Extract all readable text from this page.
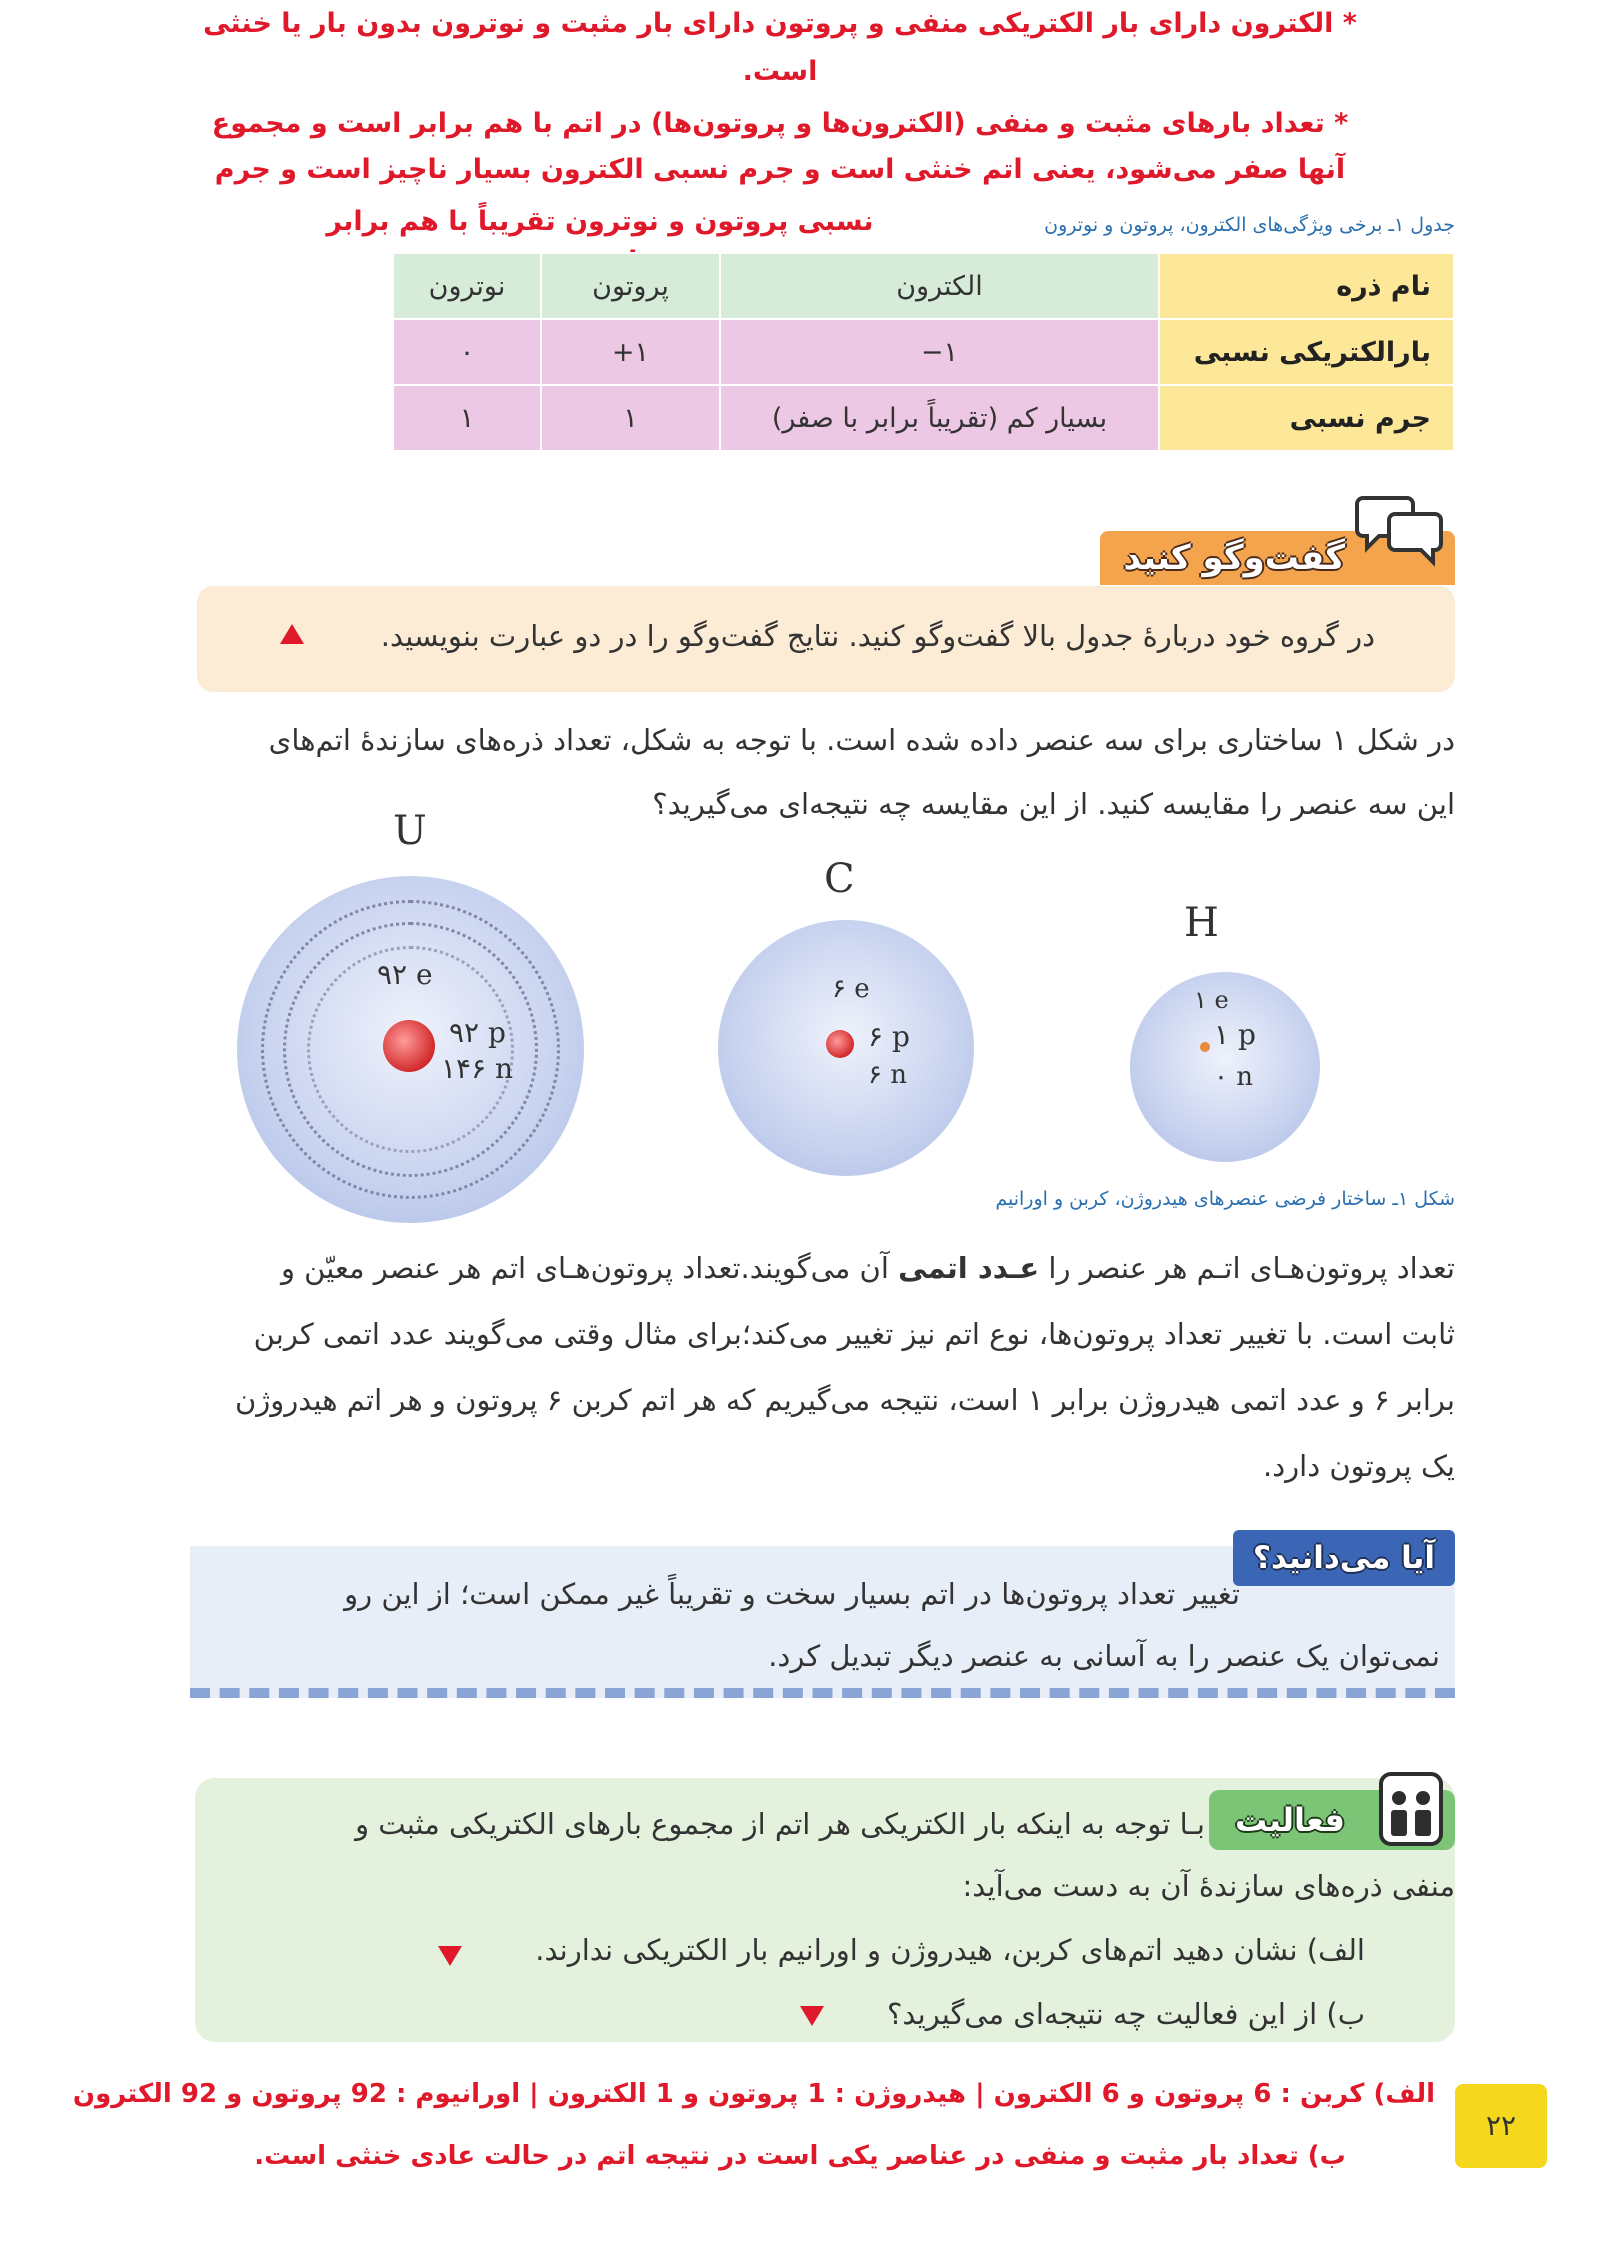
* الکترون دارای بار الکتریکی منفی و پروتون دارای بار مثبت و نوترون بدون بار یا خنثی
است.
* تعداد بارهای مثبت و منفی (الکترون‌ها و پروتون‌ها) در اتم با هم برابر است و مجموع
آنها صفر می‌شود، یعنی اتم خنثی است و جرم نسبی الکترون بسیار ناچیز است و جرم
نسبی پروتون و نوترون تقریباً با هم برابر	جدول ۱ـ برخی ویژگی‌های الکترون، پروتون و نوترون
نام ذره	الکترون	پروتون	نوترون
بارالکتریکی نسبی	۱−	۱+	۰
جرم نسبی	بسیار کم (تقریباً برابر با صفر)	۱	۱
گفت‌وگو کنید
در گروه خود دربارهٔ جدول بالا گفت‌وگو کنید. نتایج گفت‌وگو را در دو عبارت بنویسید.
در شکل ۱ ساختاری برای سه عنصر داده شده است. با توجه به شکل، تعداد ذره‌های سازندهٔ اتم‌های
این سه عنصر را مقایسه کنید. از این مقایسه چه نتیجه‌ای می‌گیرید؟
U
۹۲ e
۹۲ p
۱۴۶ n
C
۶ e
۶ p
۶ n
H
۱ e
۱ p
۰ n
شکل ۱ـ ساختار فرضی عنصرهای هیدروژن، کربن و اورانیم
تعداد پروتون‌هـای اتـم هر عنصر را عـدد اتمی آن می‌گویند.تعداد پروتون‌هـای اتم هر عنصر معیّن و
ثابت است. با تغییر تعداد پروتون‌ها، نوع اتم نیز تغییر می‌کند؛برای مثال وقتی می‌گویند عدد اتمی کربن
برابر ۶ و عدد اتمی هیدروژن برابر ۱ است، نتیجه می‌گیریم که هر اتم کربن ۶ پروتون و هر اتم هیدروژن
یک پروتون دارد.
آیا می‌دانید؟
تغییر تعداد پروتون‌ها در اتم بسیار سخت و تقریباً غیر ممکن است؛ از این رو
نمی‌توان یک عنصر را به آسانی به عنصر دیگر تبدیل کرد.
فعالیت
بـا توجه به اینکه بار الکتریکی هر اتم از مجموع بارهای الکتریکی مثبت و
منفی ذره‌های سازندهٔ آن به دست می‌آید:
الف) نشان دهید اتم‌های کربن، هیدروژن و اورانیم بار الکتریکی ندارند.
ب) از این فعالیت چه نتیجه‌ای می‌گیرید؟
الف) کربن : 6 پروتون و 6 الکترون | هیدروژن : 1 پروتون و 1 الکترون | اورانیوم : 92 پروتون و 92 الکترون
ب) تعداد بار مثبت و منفی در عناصر یکی است در نتیجه اتم در حالت عادی خنثی است.
۲۲
